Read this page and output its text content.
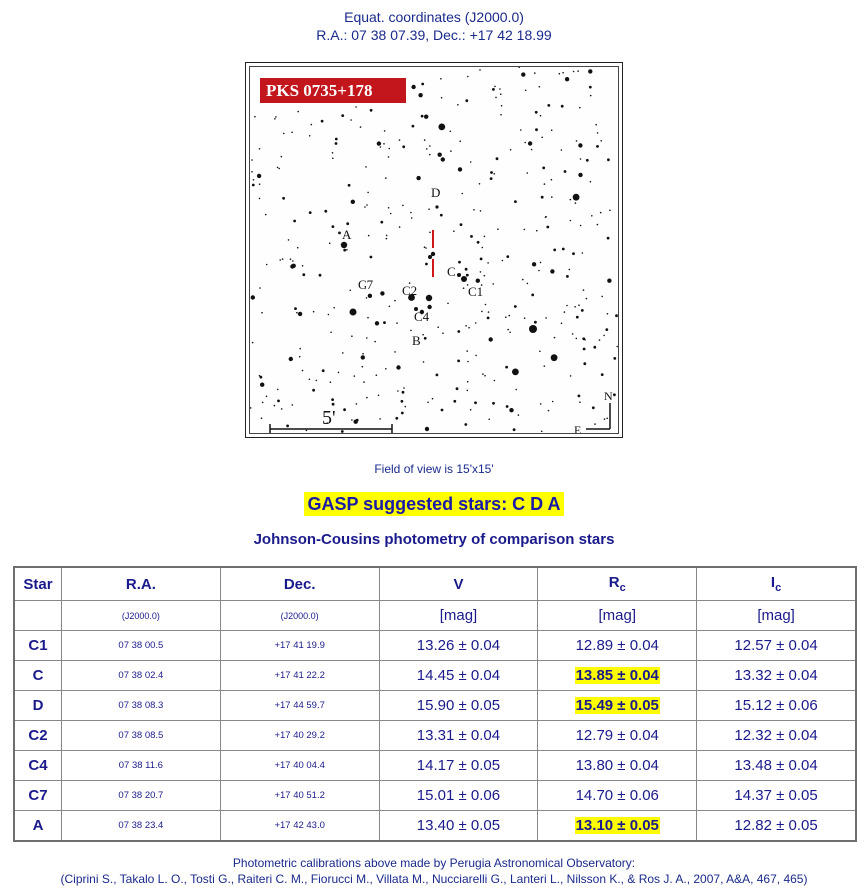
Equat. coordinates (J2000.0)
R.A.: 07 38 07.39, Dec.: +17 42 18.99
PKS 0735+178
D
A
C
C1
C7 C2
C4
B
5'
N
E
Field of view is 15'x15'
GASP suggested stars: C D A
Johnson-Cousins photometry of comparison stars
Star	R.A.	Dec.	V	$R_c$	$I_c$
	(J2000.0)	(J2000.0)	[mag]	[mag]	[mag]
C1	07 38 00.5	+17 41 19.9	13.26 ± 0.04	12.89 ± 0.04	12.57 ± 0.04
C	07 38 02.4	+17 41 22.2	14.45 ± 0.04	13.85 ± 0.04	13.32 ± 0.04
D	07 38 08.3	+17 44 59.7	15.90 ± 0.05	15.49 ± 0.05	15.12 ± 0.06
C2	07 38 08.5	+17 40 29.2	13.31 ± 0.04	12.79 ± 0.04	12.32 ± 0.04
C4	07 38 11.6	+17 40 04.4	14.17 ± 0.05	13.80 ± 0.04	13.48 ± 0.04
C7	07 38 20.7	+17 40 51.2	15.01 ± 0.06	14.70 ± 0.06	14.37 ± 0.05
A	07 38 23.4	+17 42 43.0	13.40 ± 0.05	13.10 ± 0.05	12.82 ± 0.05
Photometric calibrations above made by Perugia Astronomical Observatory:
(Ciprini S., Takalo L. O., Tosti G., Raiteri C. M., Fiorucci M., Villata M., Nucciarelli G., Lanteri L., Nilsson K., & Ros J. A., 2007, A&A, 467, 465)
